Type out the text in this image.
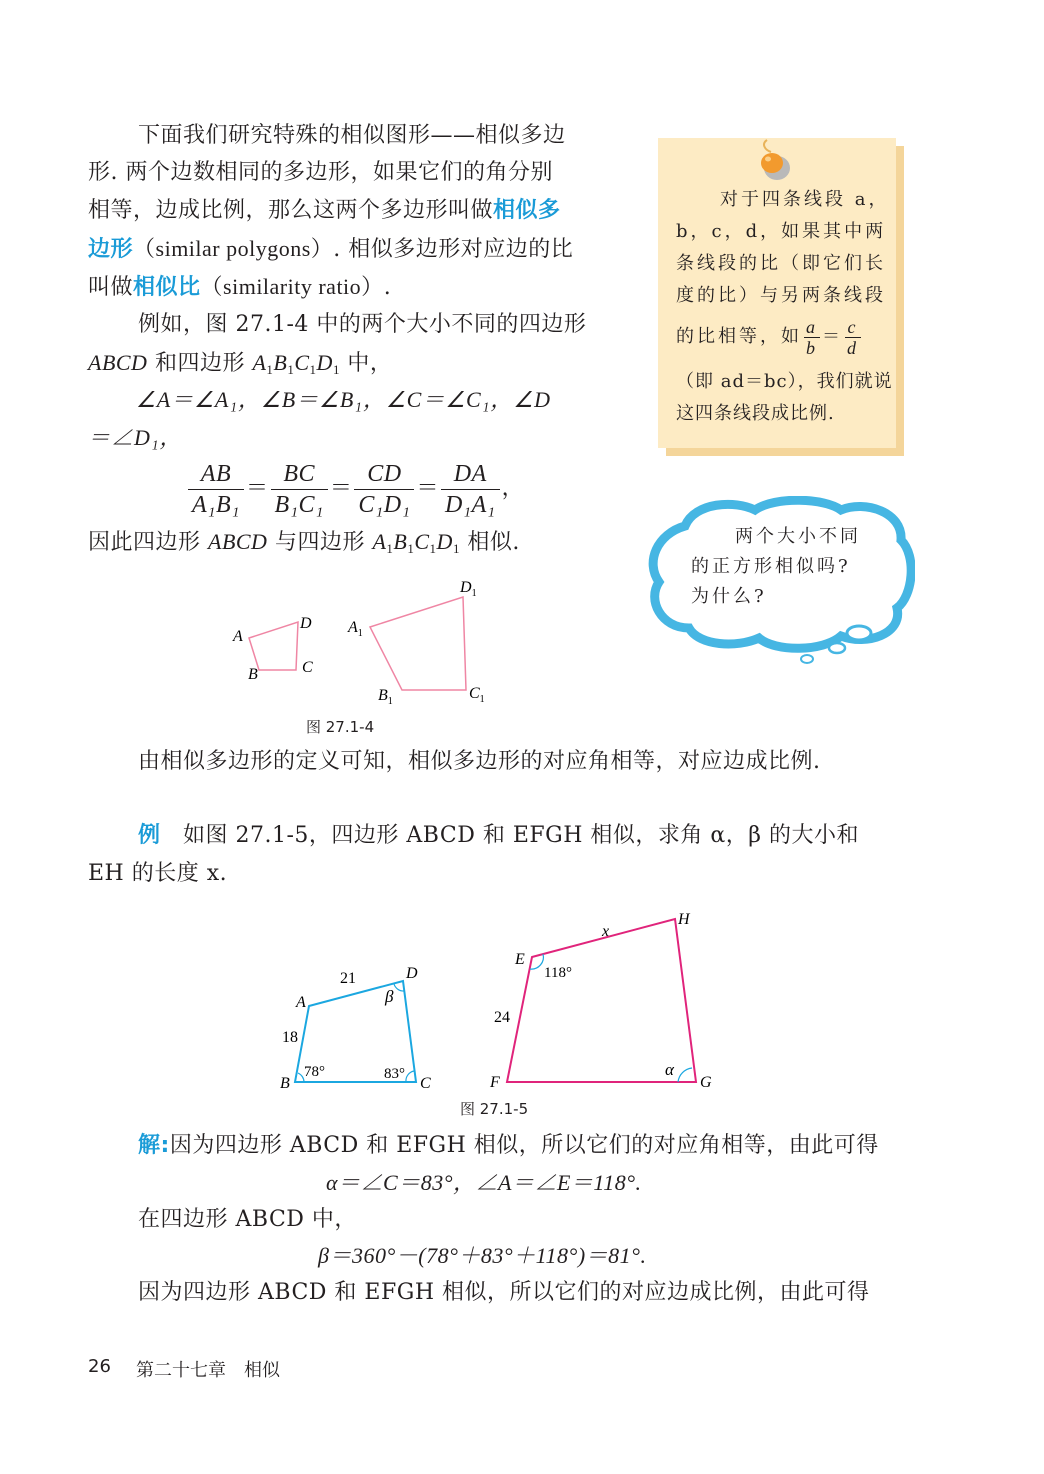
下面我们研究特殊的相似图形——相似多边
形. 两个边数相同的多边形，如果它们的角分别
相等，边成比例，那么这两个多边形叫做相似多
边形（similar polygons）. 相似多边形对应边的比
叫做相似比（similarity ratio）.
例如，图 27.1-4 中的两个大小不同的四边形
ABCD 和四边形 $A_1B_1C_1D_1$ 中，
∠A＝∠A₁，∠B＝∠B₁，∠C＝∠C₁，∠D
＝∠D₁，
$\frac{AB}{\text{A₁B₁}} = \frac{BC}{\text{B₁C₁}} = \frac{CD}{\text{C₁D₁}} = \frac{DA}{\text{D₁A₁}}$ ，
因此四边形 ABCD 与四边形 $A_1B_1C_1D_1$ 相似.
对于四条线段 a，
b，c，d，如果其中两
条线段的比（即它们长
度的比）与另两条线段
的比相等，如 $\frac{a}{b} = \frac{c}{d}$
（即 ad＝bc），我们就说
这四条线段成比例.
两个大小不同
的正方形相似吗?
为什么?
A
B	C
D $A_1$
$B_1$	$C_1$
$D_1$
图 27.1-4
由相似多边形的定义可知，相似多边形的对应角相等，对应边成比例.
例 如图 27.1-5，四边形 ABCD 和 EFGH 相似，求角 α，β 的大小和
EH 的长度 x.
A
B	C
D
21
18
78°	83°
β
E
F	G
H
24
x
118°
α
图 27.1-5
解:因为四边形 ABCD 和 EFGH 相似，所以它们的对应角相等，由此可得
α＝∠C＝83°，∠A＝∠E＝118°.
在四边形 ABCD 中，
β＝360°－(78°＋83°＋118°)＝81°.
因为四边形 ABCD 和 EFGH 相似，所以它们的对应边成比例，由此可得
26 第二十七章　相似
